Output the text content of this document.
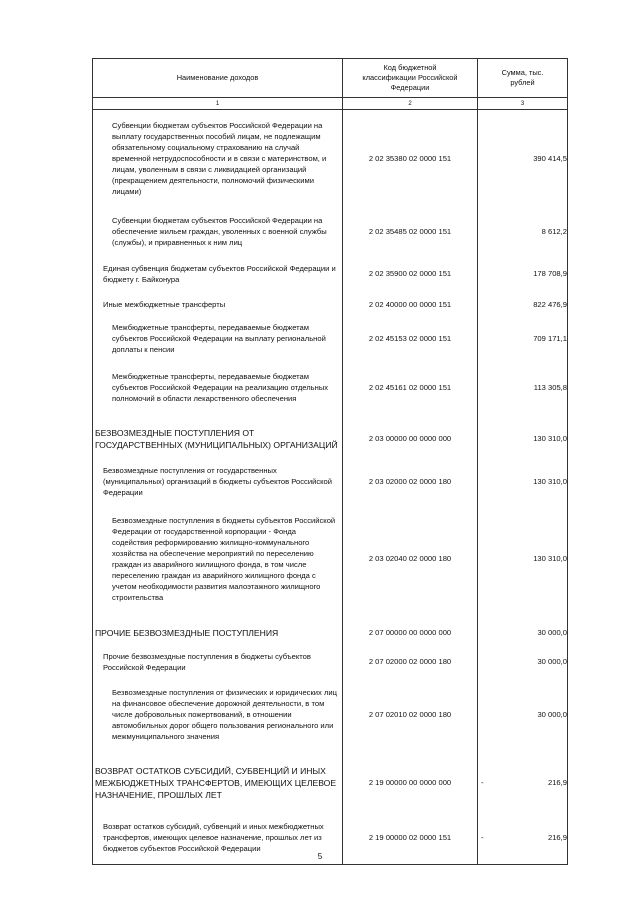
Наименование доходов	Код бюджетной классификации Российской Федерации	Сумма, тыс. рублей

1	2	3
Субвенции бюджетам субъектов Российской Федерации на выплату государственных пособий лицам, не подлежащим обязательному социальному страхованию на случай временной нетрудоспособности и в связи с материнством, и лицам, уволенным в связи с ликвидацией организаций (прекращением деятельности, полномочий физическими лицами)	2 02 35380 02 0000 151	390 414,5
Субвенции бюджетам субъектов Российской Федерации на обеспечение жильем граждан, уволенных с военной службы (службы), и приравненных к ним лиц	2 02 35485 02 0000 151	8 612,2
Единая субвенция бюджетам субъектов Российской Федерации и бюджету г. Байконура	2 02 35900 02 0000 151	178 708,9
Иные межбюджетные трансферты	2 02 40000 00 0000 151	822 476,9
Межбюджетные трансферты, передаваемые бюджетам субъектов Российской Федерации на выплату региональной доплаты к пенсии	2 02 45153 02 0000 151	709 171,1
Межбюджетные трансферты, передаваемые бюджетам субъектов Российской Федерации на реализацию отдельных полномочий в области лекарственного обеспечения	2 02 45161 02 0000 151	113 305,8
БЕЗВОЗМЕЗДНЫЕ ПОСТУПЛЕНИЯ ОТ ГОСУДАРСТВЕННЫХ (МУНИЦИПАЛЬНЫХ) ОРГАНИЗАЦИЙ	2 03 00000 00 0000 000	130 310,0
Безвозмездные поступления от государственных (муниципальных) организаций в бюджеты субъектов Российской Федерации	2 03 02000 02 0000 180	130 310,0
Безвозмездные поступления в бюджеты субъектов Российской Федерации от государственной корпорации - Фонда содействия реформированию жилищно-коммунального хозяйства на обеспечение мероприятий по переселению граждан из аварийного жилищного фонда, в том числе переселению граждан из аварийного жилищного фонда с учетом необходимости развития малоэтажного жилищного строительства	2 03 02040 02 0000 180	130 310,0
ПРОЧИЕ БЕЗВОЗМЕЗДНЫЕ ПОСТУПЛЕНИЯ	2 07 00000 00 0000 000	30 000,0
Прочие безвозмездные поступления в бюджеты субъектов Российской Федерации	2 07 02000 02 0000 180	30 000,0
Безвозмездные поступления от физических и юридических лиц на финансовое обеспечение дорожной деятельности, в том числе добровольных пожертвований, в отношении автомобильных дорог общего пользования регионального или межмуниципального значения	2 07 02010 02 0000 180	30 000,0
ВОЗВРАТ ОСТАТКОВ СУБСИДИЙ, СУБВЕНЦИЙ И ИНЫХ МЕЖБЮДЖЕТНЫХ ТРАНСФЕРТОВ, ИМЕЮЩИХ ЦЕЛЕВОЕ НАЗНАЧЕНИЕ, ПРОШЛЫХ ЛЕТ	2 19 00000 00 0000 000	- 216,9
Возврат остатков субсидий, субвенций и иных межбюджетных трансфертов, имеющих целевое назначение, прошлых лет из бюджетов субъектов Российской Федерации	2 19 00000 02 0000 151	- 216,9
5
